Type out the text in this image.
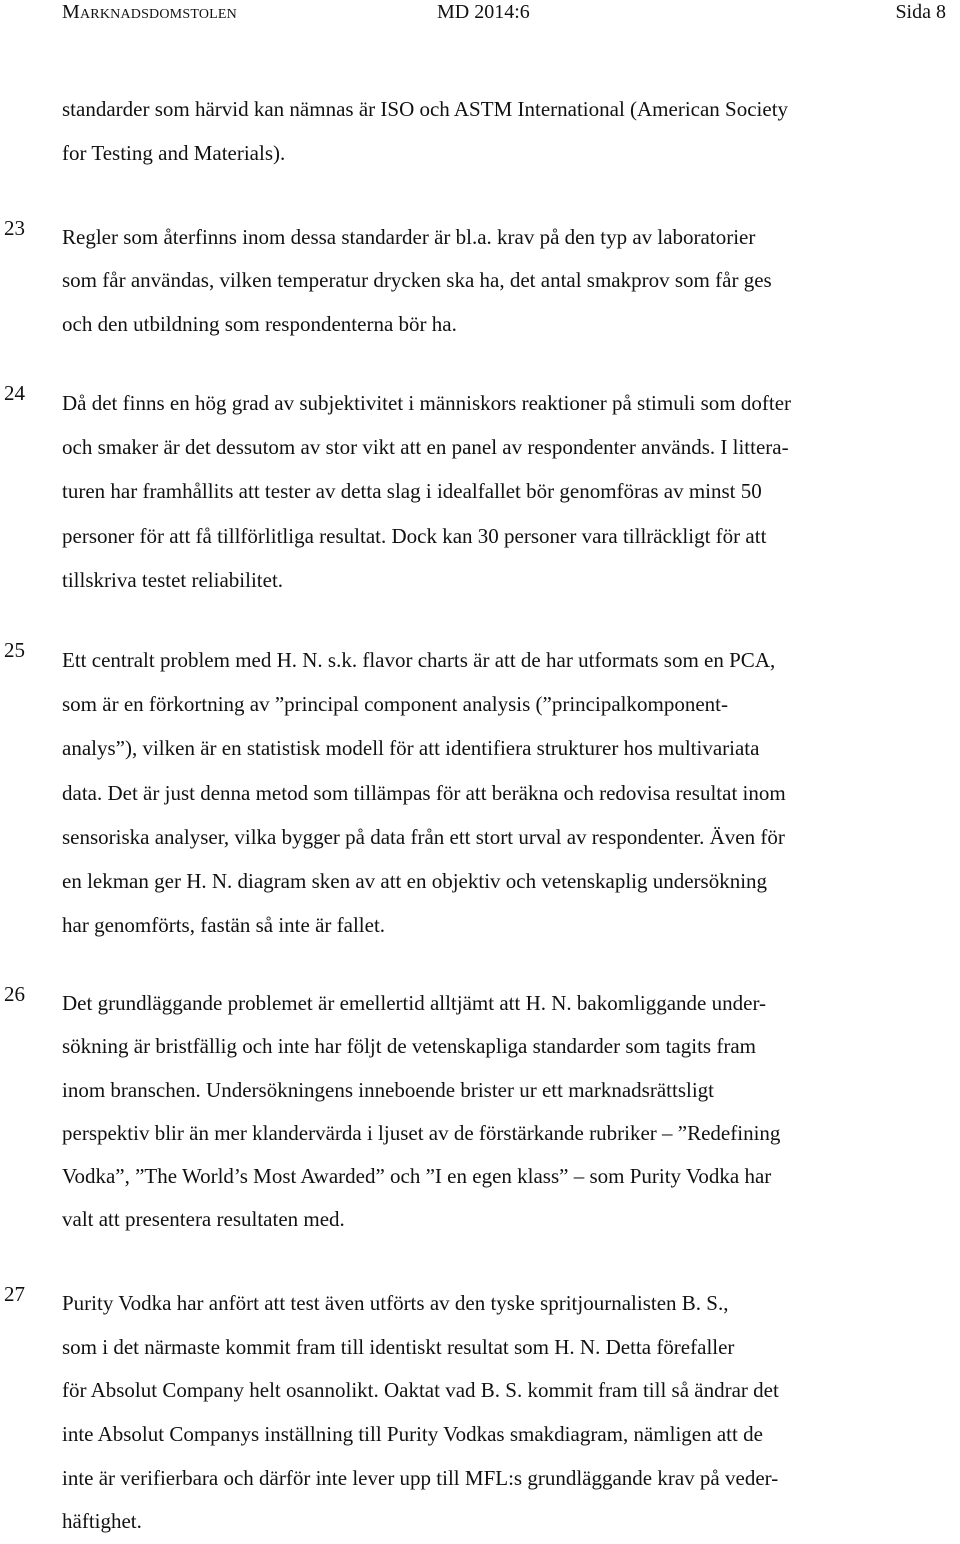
Marknadsdomstolen	MD 2014:6	Sida 8
standarder som härvid kan nämnas är ISO och ASTM International (American Society
for Testing and Materials).
23	Regler som återfinns inom dessa standarder är bl.a. krav på den typ av laboratorier
som får användas, vilken temperatur drycken ska ha, det antal smakprov som får ges
och den utbildning som respondenterna bör ha.
24	Då det finns en hög grad av subjektivitet i människors reaktioner på stimuli som dofter
och smaker är det dessutom av stor vikt att en panel av respondenter används. I littera-
turen har framhållits att tester av detta slag i idealfallet bör genomföras av minst 50
personer för att få tillförlitliga resultat. Dock kan 30 personer vara tillräckligt för att
tillskriva testet reliabilitet.
25	Ett centralt problem med H. N. s.k. flavor charts är att de har utformats som en PCA,
som är en förkortning av ”principal component analysis (”principalkomponent-
analys”), vilken är en statistisk modell för att identifiera strukturer hos multivariata
data. Det är just denna metod som tillämpas för att beräkna och redovisa resultat inom
sensoriska analyser, vilka bygger på data från ett stort urval av respondenter. Även för
en lekman ger H. N. diagram sken av att en objektiv och vetenskaplig undersökning
har genomförts, fastän så inte är fallet.
26	Det grundläggande problemet är emellertid alltjämt att H. N. bakomliggande under-
sökning är bristfällig och inte har följt de vetenskapliga standarder som tagits fram
inom branschen. Undersökningens inneboende brister ur ett marknadsrättsligt
perspektiv blir än mer klandervärda i ljuset av de förstärkande rubriker – ”Redefining
Vodka”, ”The World’s Most Awarded” och ”I en egen klass” – som Purity Vodka har
valt att presentera resultaten med.
27	Purity Vodka har anfört att test även utförts av den tyske spritjournalisten B. S.,
som i det närmaste kommit fram till identiskt resultat som H. N. Detta förefaller
för Absolut Company helt osannolikt. Oaktat vad B. S. kommit fram till så ändrar det
inte Absolut Companys inställning till Purity Vodkas smakdiagram, nämligen att de
inte är verifierbara och därför inte lever upp till MFL:s grundläggande krav på veder-
häftighet.
